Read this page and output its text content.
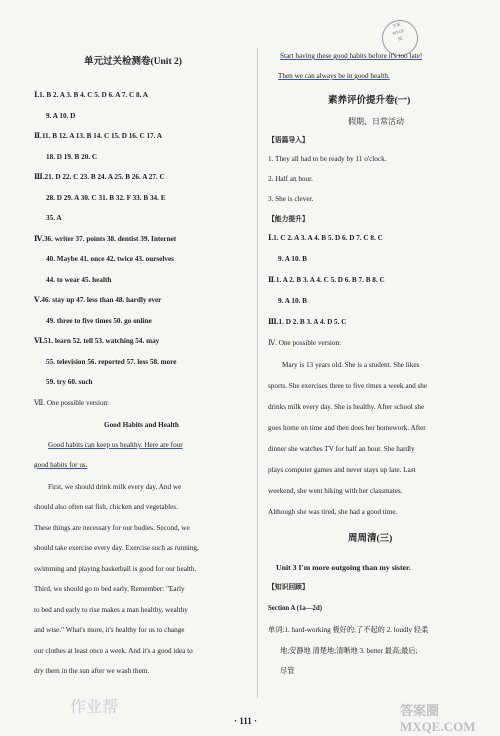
答案
MXQE
圈
单元过关检测卷(Unit 2)
Ⅰ.1. B 2. A 3. B 4. C 5. D 6. A 7. C 8. A
9. A 10. D
Ⅱ.11. B 12. A 13. B 14. C 15. D 16. C 17. A
18. D 19. B 20. C
Ⅲ.21. D 22. C 23. B 24. A 25. B 26. A 27. C
28. D 29. A 30. C 31. B 32. F 33. B 34. E
35. A
Ⅳ.36. writer 37. points 38. dentist 39. Internet
40. Maybe 41. once 42. twice 43. ourselves
44. to wear 45. health
Ⅴ.46. stay up 47. less than 48. hardly ever
49. three to five times 50. go online
Ⅵ.51. learn 52. tell 53. watching 54. may
55. television 56. reported 57. less 58. more
59. try 60. such
Ⅶ. One possible version:
Good Habits and Health
Good habits can keep us healthy. Here are four
good habits for us.
First, we should drink milk every day. And we
should also often eat fish, chicken and vegetables.
These things are necessary for our bodies. Second, we
should take exercise every day. Exercise such as running,
swimming and playing basketball is good for our health.
Third, we should go to bed early. Remember: "Early
to bed and early to rise makes a man healthy, wealthy
and wise." What's more, it's healthy for us to change
our clothes at least once a week. And it's a good idea to
dry them in the sun after we wash them.
Start having these good habits before it's too late!
Then we can always be in good health.
素养评价提升卷(一)
假期、日常活动
【语篇导入】
1. They all had to be ready by 11 o'clock.
2. Half an hour.
3. She is clever.
【能力提升】
Ⅰ.1. C 2. A 3. A 4. B 5. D 6. D 7. C 8. C
9. A 10. B
Ⅱ.1. A 2. B 3. A 4. C 5. D 6. B 7. B 8. C
9. A 10. B
Ⅲ.1. D 2. B 3. A 4. D 5. C
Ⅳ. One possible version:
Mary is 13 years old. She is a student. She likes
sports. She exercises three to five times a week and she
drinks milk every day. She is healthy. After school she
goes home on time and then does her homework. After
dinner she watches TV for half an hour. She hardly
plays computer games and never stays up late. Last
weekend, she went hiking with her classmates.
Although she was tired, she had a good time.
周周清(三)
Unit 3 I'm more outgoing than my sister.
【知识回顾】
Section A (1a—2d)
单词:1. hard-working 极好的;了不起的 2. loudly 轻柔
地;安静地 清楚地;清晰地 3. better 最高;最后;
尽管
· 111 ·
作业帮	答案圈 MXQE.COM
